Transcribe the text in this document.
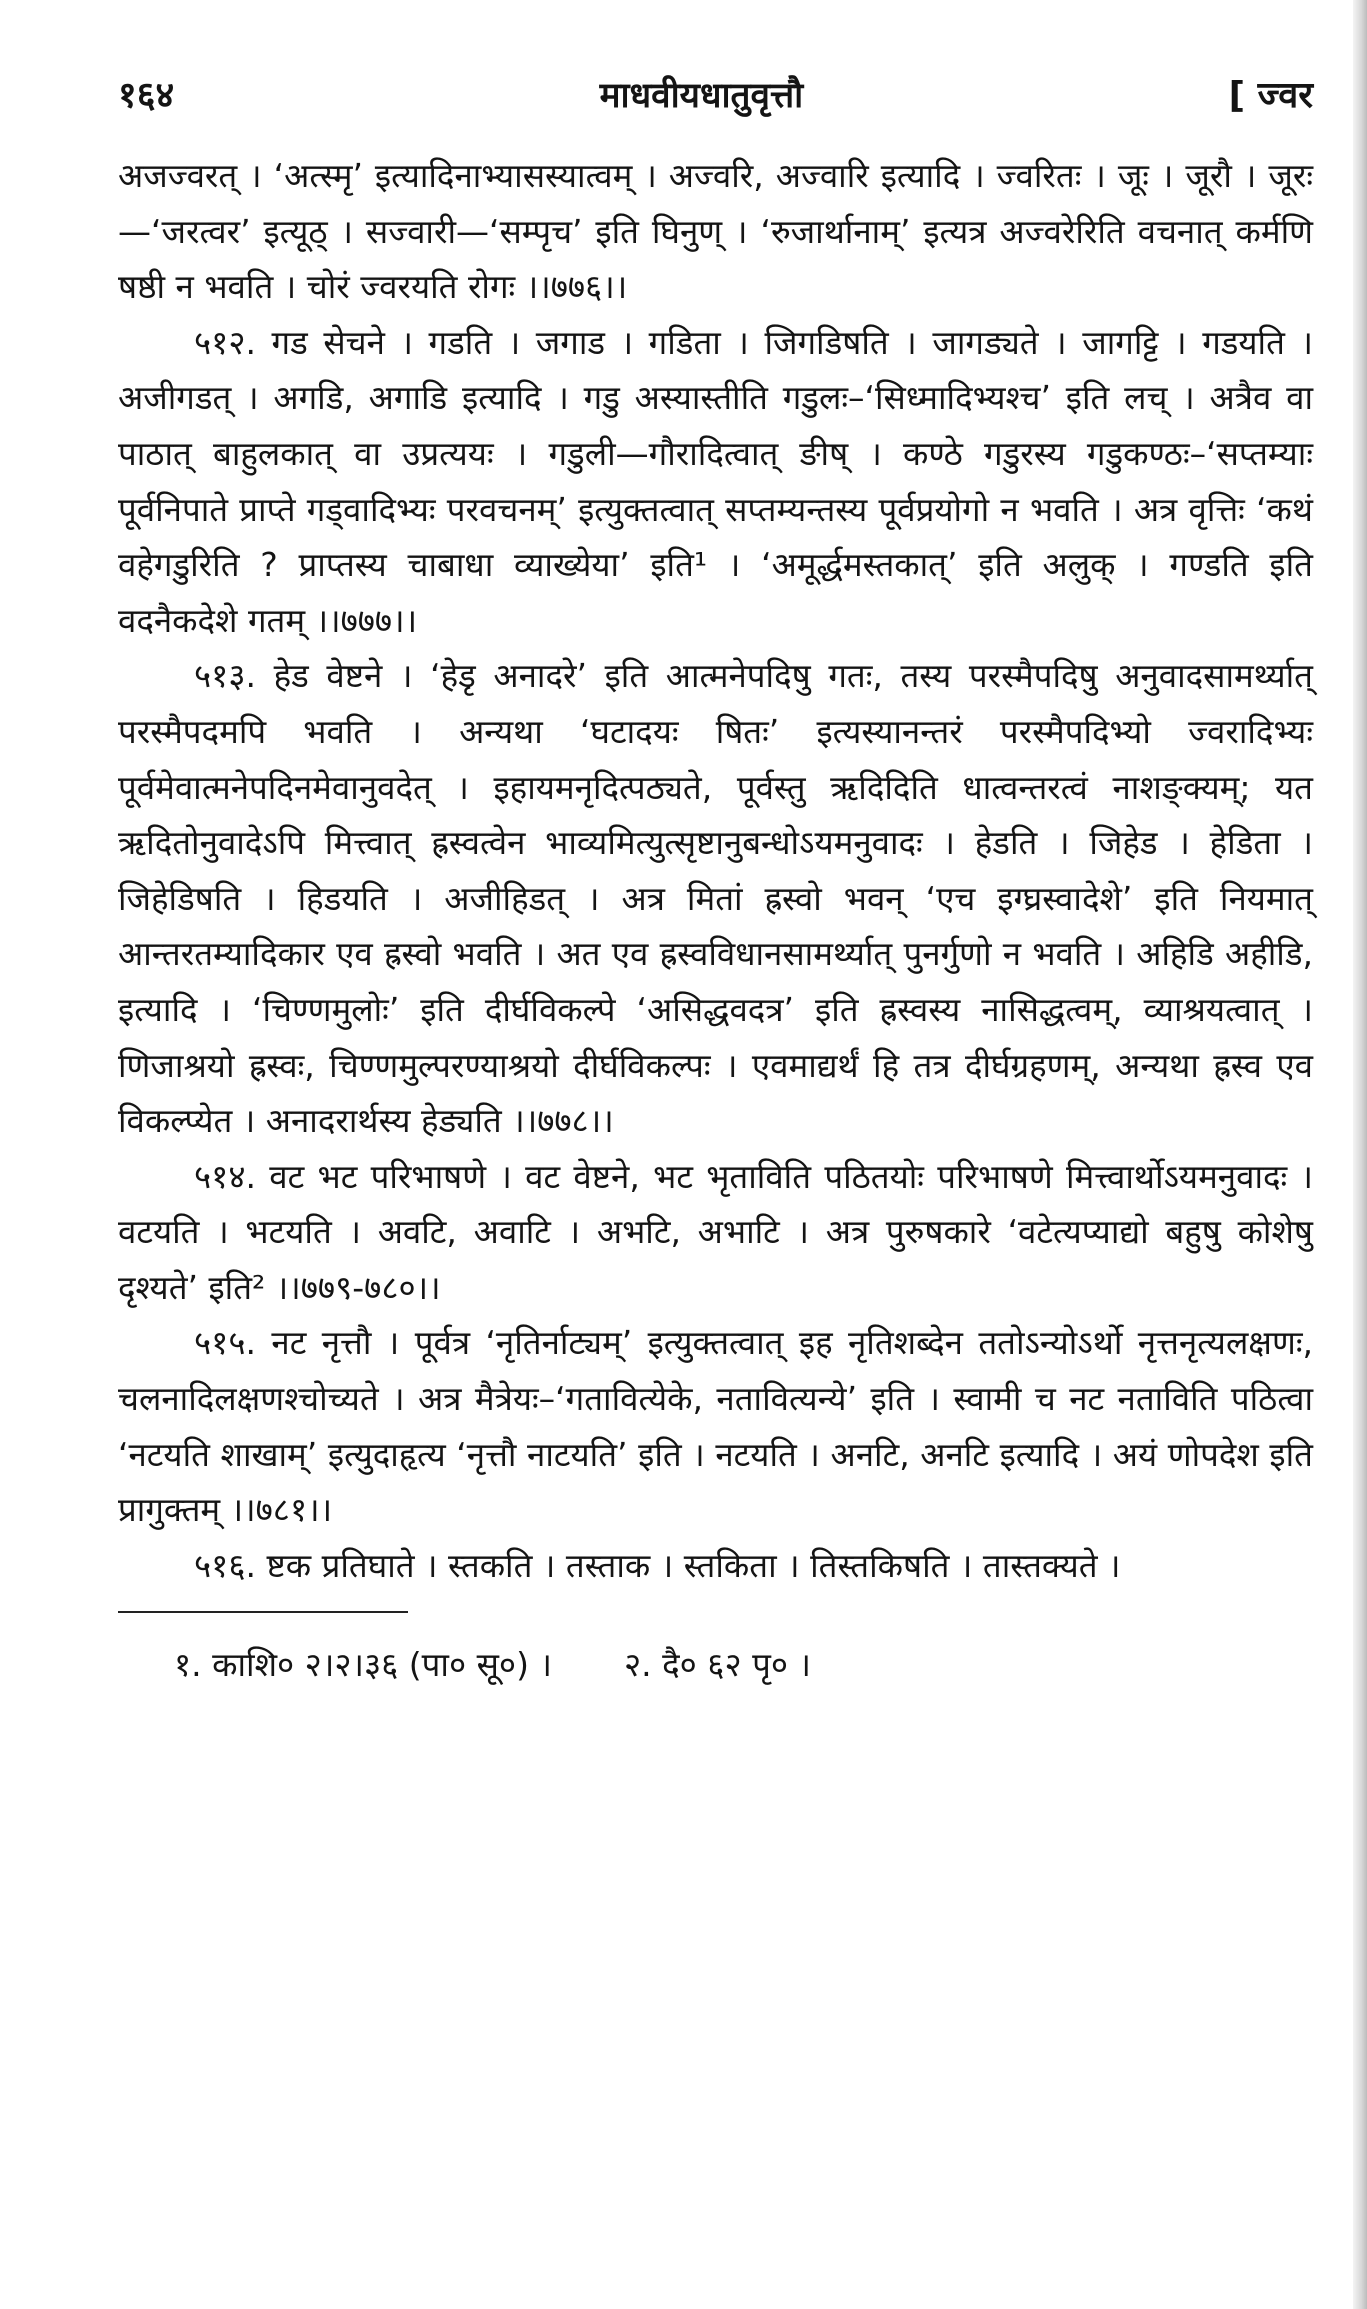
१६४	माधवीयधातुवृत्तौ	[ ज्वर

अजज्वरत् । ‘अत्स्मृ’ इत्यादिनाभ्यासस्यात्वम् । अज्वरि, अज्वारि इत्यादि । ज्वरितः । जूः । जूरौ । जूरः—‘जरत्वर’ इत्यूठ् । सज्वारी—‘सम्पृच’ इति घिनुण् । ‘रुजार्थानाम्’ इत्यत्र अज्वरेरिति वचनात् कर्मणि षष्ठी न भवति । चोरं ज्वरयति रोगः ।।७७६।।

५१२. गड सेचने । गडति । जगाड । गडिता । जिगडिषति । जागड्यते । जागट्टि । गडयति । अजीगडत् । अगडि, अगाडि इत्यादि । गडु अस्यास्तीति गडुलः–‘सिध्मादिभ्यश्च’ इति लच् । अत्रैव वा पाठात् बाहुलकात् वा उप्रत्ययः । गडुली—गौरादित्वात् ङीष् । कण्ठे गडुरस्य गडुकण्ठः–‘सप्तम्याः पूर्वनिपाते प्राप्ते गड्वादिभ्यः परवचनम्’ इत्युक्तत्वात् सप्तम्यन्तस्य पूर्वप्रयोगो न भवति । अत्र वृत्तिः ‘कथं वहेगडुरिति ? प्राप्तस्य चाबाधा व्याख्येया’ इति¹ । ‘अमूर्द्धमस्तकात्’ इति अलुक् । गण्डति इति वदनैकदेशे गतम् ।।७७७।।

५१३. हेड वेष्टने । ‘हेडृ अनादरे’ इति आत्मनेपदिषु गतः, तस्य परस्मैपदिषु अनुवादसामर्थ्यात् परस्मैपदमपि भवति । अन्यथा ‘घटादयः षितः’ इत्यस्यानन्तरं परस्मैपदिभ्यो ज्वरादिभ्यः पूर्वमेवात्मनेपदिनमेवानुवदेत् । इहायमनृदित्पठ्यते, पूर्वस्तु ऋदिदिति धात्वन्तरत्वं नाशङ्क्यम्; यत ऋदितोनुवादेऽपि मित्त्वात् ह्रस्वत्वेन भाव्यमित्युत्सृष्टानुबन्धोऽयमनुवादः । हेडति । जिहेड । हेडिता । जिहेडिषति । हिडयति । अजीहिडत् । अत्र मितां ह्रस्वो भवन् ‘एच इग्घ्रस्वादेशे’ इति नियमात् आन्तरतम्यादिकार एव ह्रस्वो भवति । अत एव ह्रस्वविधानसामर्थ्यात् पुनर्गुणो न भवति । अहिडि अहीडि, इत्यादि । ‘चिण्णमुलोः’ इति दीर्घविकल्पे ‘असिद्धवदत्र’ इति ह्रस्वस्य नासिद्धत्वम्, व्याश्रयत्वात् । णिजाश्रयो ह्रस्वः, चिण्णमुल्परण्याश्रयो दीर्घविकल्पः । एवमाद्यर्थं हि तत्र दीर्घग्रहणम्, अन्यथा ह्रस्व एव विकल्प्येत । अनादरार्थस्य हेड्यति ।।७७८।।

५१४. वट भट परिभाषणे । वट वेष्टने, भट भृताविति पठितयोः परिभाषणे मित्त्वार्थोऽयमनुवादः । वटयति । भटयति । अवटि, अवाटि । अभटि, अभाटि । अत्र पुरुषकारे ‘वटेत्यप्याद्यो बहुषु कोशेषु दृश्यते’ इति² ।।७७९-७८०।।

५१५. नट नृत्तौ । पूर्वत्र ‘नृतिर्नाट्यम्’ इत्युक्तत्वात् इह नृतिशब्देन ततोऽन्योऽर्थो नृत्तनृत्यलक्षणः, चलनादिलक्षणश्चोच्यते । अत्र मैत्रेयः–‘गतावित्येके, नतावित्यन्ये’ इति । स्वामी च नट नताविति पठित्वा ‘नटयति शाखाम्’ इत्युदाहृत्य ‘नृत्तौ नाटयति’ इति । नटयति । अनटि, अनटि इत्यादि । अयं णोपदेश इति प्रागुक्तम् ।।७८१।।

५१६. ष्टक प्रतिघाते । स्तकति । तस्ताक । स्तकिता । तिस्तकिषति । तास्तक्यते ।

१. काशि० २।२।३६ (पा० सू०) । २. दै० ६२ पृ० ।
